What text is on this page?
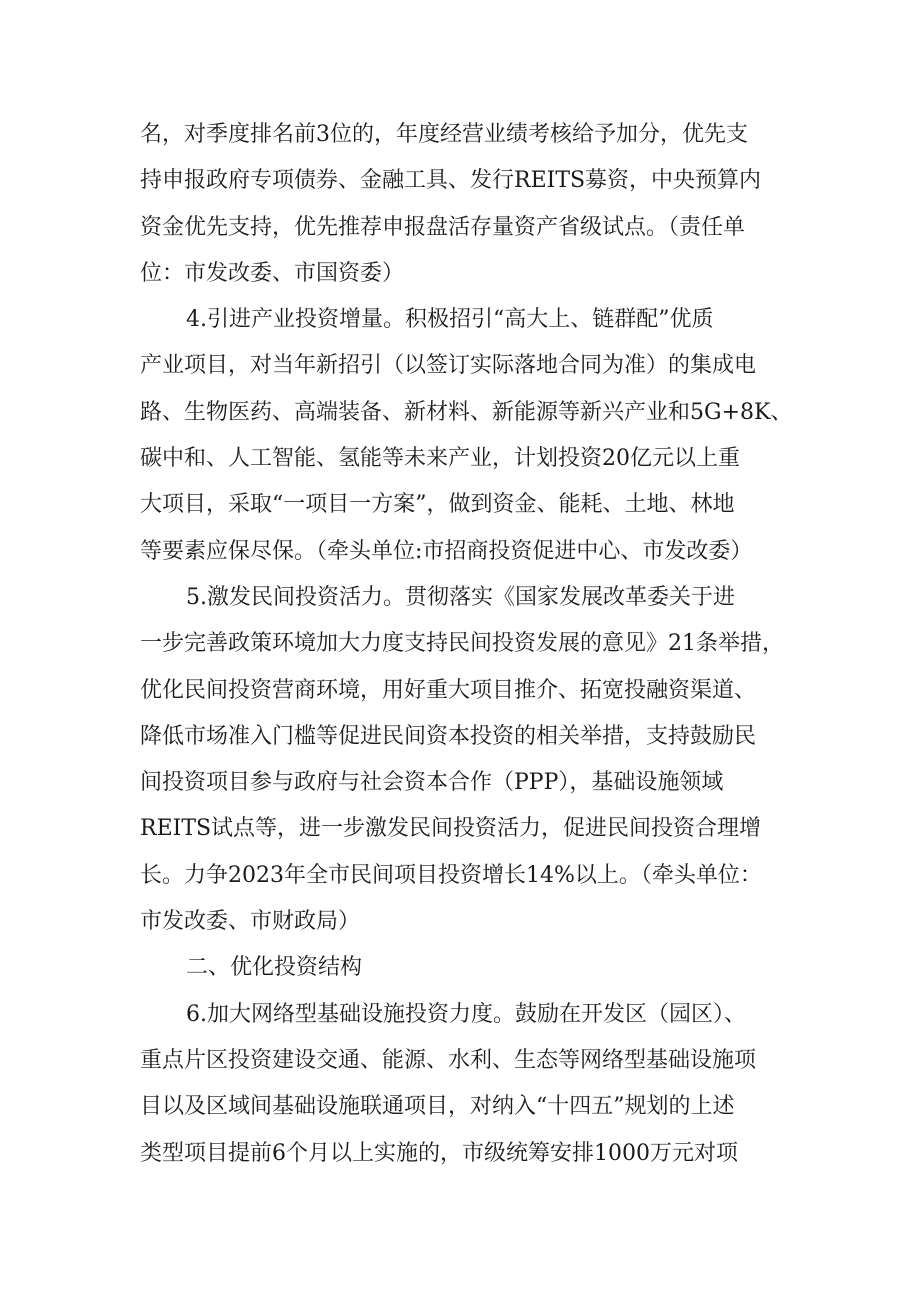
名，对季度排名前3位的，年度经营业绩考核给予加分，优先支
持申报政府专项债券、金融工具、发行REITS募资，中央预算内
资金优先支持，优先推荐申报盘活存量资产省级试点。（责任单
位：市发改委、市国资委）
4.引进产业投资增量。积极招引“高大上、链群配”优质
产业项目，对当年新招引（以签订实际落地合同为准）的集成电
路、生物医药、高端装备、新材料、新能源等新兴产业和5G+8K、
碳中和、人工智能、氢能等未来产业，计划投资20亿元以上重
大项目，采取“一项目一方案”，做到资金、能耗、土地、林地
等要素应保尽保。（牵头单位:市招商投资促进中心、市发改委）
5.激发民间投资活力。贯彻落实《国家发展改革委关于进
一步完善政策环境加大力度支持民间投资发展的意见》21条举措，
优化民间投资营商环境，用好重大项目推介、拓宽投融资渠道、
降低市场准入门槛等促进民间资本投资的相关举措，支持鼓励民
间投资项目参与政府与社会资本合作（PPP），基础设施领域
REITS试点等，进一步激发民间投资活力，促进民间投资合理增
长。力争2023年全市民间项目投资增长14%以上。（牵头单位：
市发改委、市财政局）
二、优化投资结构
6.加大网络型基础设施投资力度。鼓励在开发区（园区）、
重点片区投资建设交通、能源、水利、生态等网络型基础设施项
目以及区域间基础设施联通项目，对纳入“十四五”规划的上述
类型项目提前6个月以上实施的，市级统筹安排1000万元对项
